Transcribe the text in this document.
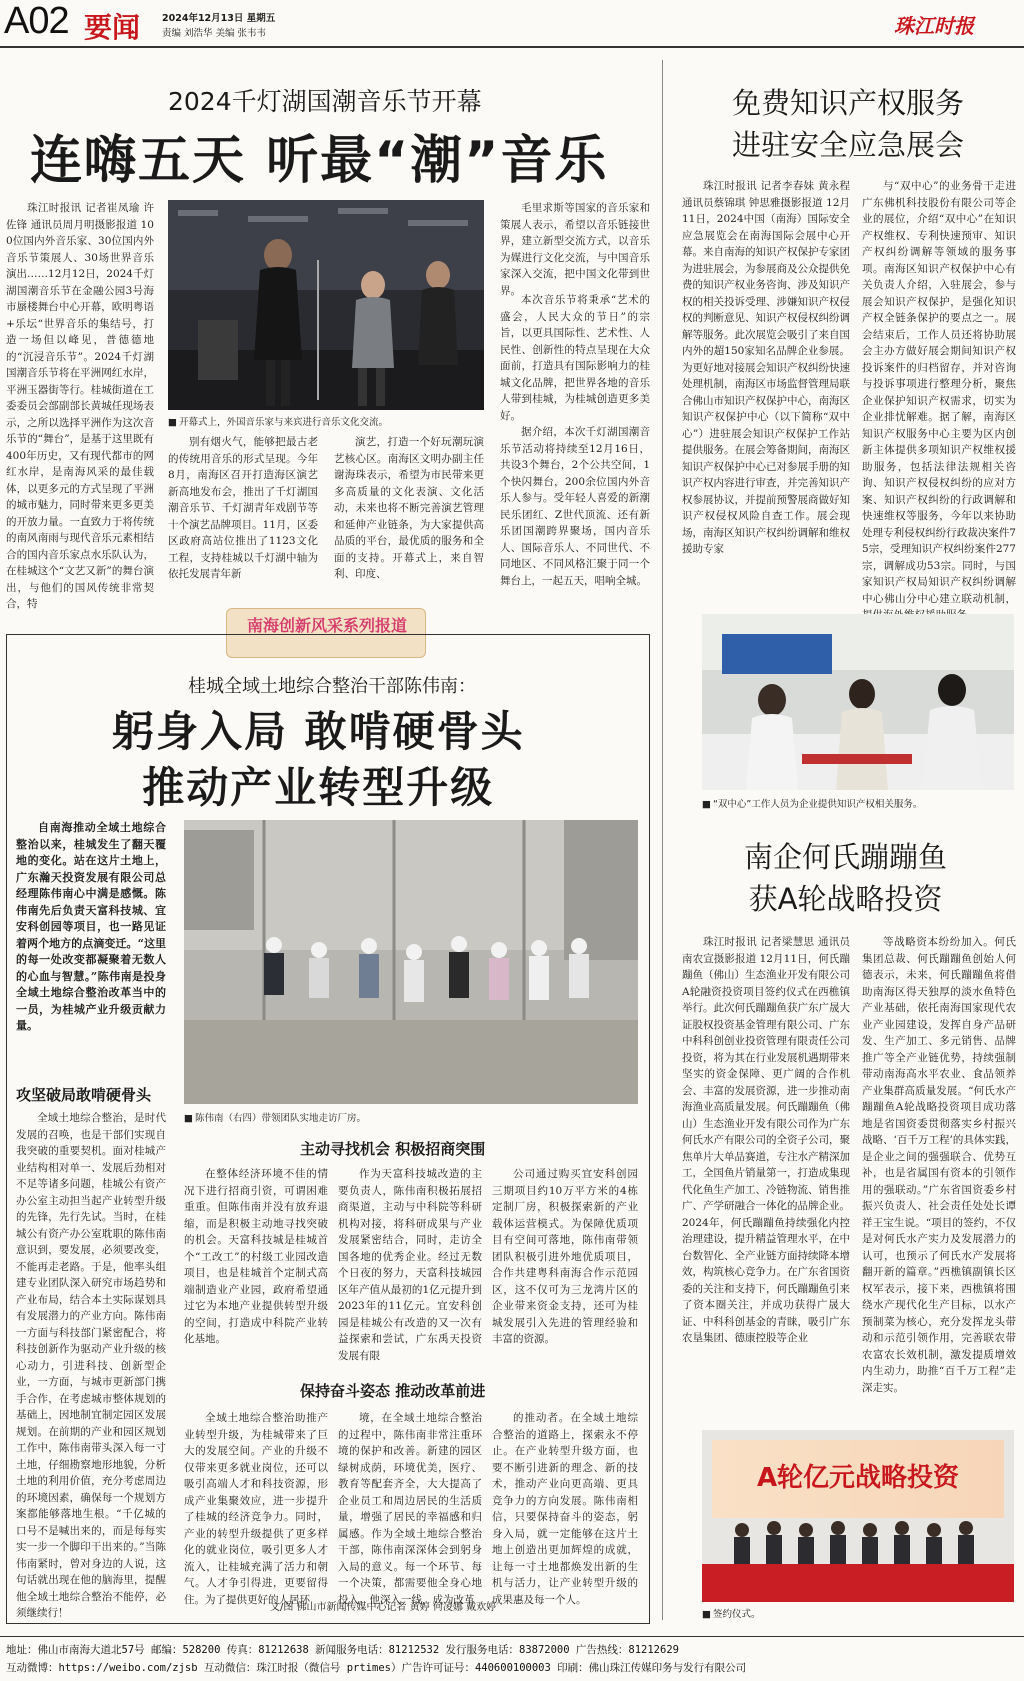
A02 要闻 2024年12月13日 星期五
责编 刘浩华 美编 张韦韦	珠江时报
2024千灯湖国潮音乐节开幕
连嗨五天 听最“潮”音乐
珠江时报讯 记者崔凤瑜 许佐锋 通讯员周月明摄影报道 100位国内外音乐家、30位国内外音乐节策展人、30场世界音乐演出……12月12日，2024千灯湖国潮音乐节在金融公园3号海市蜃楼舞台中心开幕，欧明粤语+乐坛“世界音乐的集结号，打造一场但以峰见，普德德地的“沉浸音乐节”。2024千灯湖国潮音乐节将在平洲网红水岸，平洲玉器街等行。桂城街道在工委委员会部副部长黄城任现场表示，之所以选择平洲作为这次音乐节的“舞台”，是基于这里既有400年历史，又有现代都市的网红水岸，是南海风采的最佳载体，以更多元的方式呈现了平洲的城市魅力，同时带来更多更美的开放力量。一直致力于将传统的南风南雨与现代音乐元素相结合的国内音乐家点水乐队认为，在桂城这个“文艺又新”的舞台演出，与他们的国风传统非常契合，特
■ 开幕式上，外国音乐家与来宾进行音乐文化交流。
别有烟火气，能够把最古老的传统用音乐的形式呈现。今年8月，南海区召开打造海区演艺新高地发布会，推出了千灯湖国潮音乐节、千灯湖青年戏剧节等十个演艺品牌项目。11月，区委区政府高站位推出了1123文化工程，支持桂城以千灯湖中轴为依托发展青年新
演艺，打造一个好玩潮玩演艺核心区。南海区文明办副主任谢海珠表示，希望为市民带来更多高质量的文化表演、文化活动，未来也将不断完善演艺管理和延伸产业链条，为大家提供高品质的平台，最优质的服务和全面的支持。开幕式上，来自智利、印度、
毛里求斯等国家的音乐家和策展人表示，希望以音乐链接世界，建立新型交流方式，以音乐为媒进行文化交流，与中国音乐家深入交流，把中国文化带到世界。
本次音乐节将秉承“艺术的盛会，人民大众的节日”的宗旨，以更具国际性、艺术性、人民性、创新性的特点呈现在大众面前，打造具有国际影响力的桂城文化品牌，把世界各地的音乐人带到桂城，为桂城创造更多美好。
据介绍，本次千灯湖国潮音乐节活动将持续至12月16日，共设3个舞台，2个公共空间，1个快闪舞台，200余位国内外音乐人参与。受年轻人喜爱的新潮民乐团红、Z世代顶流、还有新乐团国潮跨界聚场，国内音乐人、国际音乐人、不同世代、不同地区、不同风格汇聚于同一个舞台上，一起五天，唱响全城。
免费知识产权服务
进驻安全应急展会
珠江时报讯 记者李春妹 黄永程 通讯员蔡锦琪 钟思雅摄影报道 12月11日，2024中国（南海）国际安全应急展览会在南海国际会展中心开幕。来自南海的知识产权保护专家团为进驻展会，为参展商及公众提供免费的知识产权业务咨询、涉及知识产权的相关投诉受理、涉嫌知识产权侵权的判断意见、知识产权侵权纠纷调解等服务。此次展览会吸引了来自国内外的超150家知名品牌企业参展。为更好地对接展会知识产权纠纷快速处理机制，南海区市场监督管理局联合佛山市知识产权保护中心，南海区知识产权保护中心（以下简称“双中心”）进驻展会知识产权保护工作站提供服务。在展会筹备期间，南海区知识产权保护中心已对参展手册的知识产权内容进行审查，并完善知识产权参展协议，并提前预警展商做好知识产权侵权风险自查工作。展会现场，南海区知识产权纠纷调解和维权援助专家
与“双中心”的业务骨干走进广东佛机科技股份有限公司等企业的展位，介绍“双中心”在知识产权维权、专利快速预审、知识产权纠纷调解等领域的服务事项。南海区知识产权保护中心有关负责人介绍，入驻展会，参与展会知识产权保护，是强化知识产权全链条保护的要点之一。展会结束后，工作人员还将协助展会主办方做好展会期间知识产权投诉案件的归档留存，并对咨询与投诉事项进行整理分析，聚焦企业保护知识产权需求，切实为企业排忧解难。据了解，南海区知识产权服务中心主要为区内创新主体提供多项知识产权维权援助服务，包括法律法规相关咨询、知识产权侵权纠纷的应对方案、知识产权纠纷的行政调解和快速维权等服务，今年以来协助处理专利侵权纠纷行政裁决案件75宗，受理知识产权纠纷案件277宗，调解成功53宗。同时，与国家知识产权局知识产权纠纷调解中心佛山分中心建立联动机制，
■ “双中心”工作人员为企业提供知识产权相关服务。
南海创新风采系列报道
桂城全域土地综合整治干部陈伟南：
躬身入局 敢啃硬骨头
推动产业转型升级
自南海推动全域土地综合整治以来，桂城发生了翻天覆地的变化。站在这片土地上，广东瀚天投资发展有限公司总经理陈伟南心中满是感慨。陈伟南先后负责天富科技城、宜安科创园等项目，也一路见证着两个地方的点滴变迁。“这里的每一处改变都凝聚着无数人的心血与智慧。”陈伟南是投身全域土地综合整治改革当中的一员，为桂城产业升级贡献力量。
■ 陈伟南（右四）带领团队实地走访厂房。
攻坚破局敢啃硬骨头
全域土地综合整治，是时代发展的召唤，也是干部们实现自我突破的重要契机。面对桂城产业结构相对单一、发展后劲相对不足等诸多问题，桂城公有资产办公室主动担当起产业转型升级的先锋，先行先试。当时，在桂城公有资产办公室耽职的陈伟南意识到，要发展，必须要改变，不能再走老路。于是，他率头组建专业团队深入研究市场趋势和产业布局，结合本土实际谋划具有发展潜力的产业方向。陈伟南一方面与科技部门紧密配合，将科技创新作为驱动产业升级的核心动力，引进科技、创新型企业，一方面，与城市更新部门携手合作，在考虑城市整体规划的基础上，因地制宜制定园区发展规划。在前期的产业和园区规划工作中，陈伟南带头深入每一寸土地，仔细勘察地形地貌，分析土地的利用价值，充分考虑周边的环境因素，确保每一个规划方案都能够落地生根。“千亿城的口号不是喊出来的，而是每每实实一步一个脚印干出来的。”当陈伟南紧时，曾对身边的人说，这句话就出现在他的脑海里，提醒他全域土地综合整治不能停，必须继续行！
主动寻找机会 积极招商突围
在整体经济环境不佳的情况下进行招商引资，可谓困难重重。但陈伟南并没有放弃退缩，而是积极主动地寻找突破的机会。天富科技城是桂城首个“工改工”的村级工业园改造项目，也是桂城首个定制式高端制造业产业园，政府希望通过它为本地产业提供转型升级的空间，打造成中科院产业转化基地。
作为天富科技城改造的主要负责人，陈伟南积极拓展招商渠道，主动与中科院等科研机构对接，将科研成果与产业发展紧密结合，同时，走访全国各地的优秀企业。经过无数个日夜的努力，天富科技城园区年产值从最初的1亿元提升到2023年的11亿元。宜安科创园是桂城公有改造的又一次有益探索和尝试，广东禹天投资发展有限
公司通过购买宜安科创园三期项目约10万平方米的4栋定制厂房，积极探索新的产业载体运营模式。为保障优质项目有空间可落地，陈伟南带领团队积极引进外地优质项目，合作共建粤科南海合作示范园区，这不仅可为三龙湾片区的企业带来资金支持，还可为桂城发展引入先进的管理经验和丰富的资源。
保持奋斗姿态 推动改革前进
全域土地综合整治助推产业转型升级，为桂城带来了巨大的发展空间。产业的升级不仅带来更多就业岗位，还可以吸引高端人才和科技资源，形成产业集聚效应，进一步提升了桂城的经济竞争力。同时，产业的转型升级提供了更多样化的就业岗位，吸引更多人才流入，让桂城充满了活力和朝气。人才争引得进，更要留得住。为了提供更好的人居环
境，在全域土地综合整治的过程中，陈伟南非常注重环境的保护和改善。新建的园区绿树成荫，环境优美，医疗、教育等配套齐全，大大提高了企业员工和周边居民的生活质量，增强了居民的幸福感和归属感。作为全域土地综合整治干部，陈伟南深深体会到躬身入局的意义。每一个环节、每一个决策，都需要他全身心地投入。他深入一线，成为改革
的推动者。在全域土地综合整治的道路上，探索永不停止。在产业转型升级方面，也要不断引进新的理念、新的技术，推动产业向更高端、更具竞争力的方向发展。陈伟南相信，只要保持奋斗的姿态，躬身入局，就一定能够在这片土地上创造出更加辉煌的成就，让每一寸土地都焕发出新的生机与活力，让产业转型升级的成果惠及每一个人。
文/图 佛山市新闻传媒中心记者 黄婷 何凌娜 戴欢婷
南企何氏蹦蹦鱼
获A轮战略投资
珠江时报讯 记者梁慧思 通讯员南农宣摄影报道 12月11日，何氏蹦蹦鱼（佛山）生态渔业开发有限公司A轮融资投资项目签约仪式在西樵镇举行。此次何氏蹦蹦鱼获广东广晟大证股权投资基金管理有限公司、广东中科科创创业投资管理有限责任公司投资，将为其在行业发展机遇期带来坚实的资金保障、更广阔的合作机会、丰富的发展资源，进一步推动南海渔业高质量发展。何氏蹦蹦鱼（佛山）生态渔业开发有限公司作为广东何氏水产有限公司的全资子公司，聚焦单片大单品赛道，专注水产精深加工，全国鱼片销量第一，打造成集现代化鱼生产加工、冷链物流、销售推广、产学研融合一体化的品牌企业。2024年，何氏蹦蹦鱼持续强化内控治理建设，提升精益管理水平，在中台数智化、全产业链方面持续降本增效，构筑核心竞争力。在广东省国资委的关注和支持下，何氏蹦蹦鱼引来了资本圈关注，并成功获得广晟大证、中科科创基金的青睐，吸引广东农垦集团、德康控股等企业
等战略资本纷纷加入。何氏集团总裁、何氏蹦蹦鱼创始人何德表示，未来，何氏蹦蹦鱼将借助南海区得天独厚的淡水鱼特色产业基础，依托南海国家现代农业产业园建设，发挥自身产品研发、生产加工、多元销售、品牌推广等全产业链优势，持续强制带动南海高水平农业、食品领养产业集群高质量发展。“何氏水产蹦蹦鱼A轮战略投资项目成功落地是省国资委贯彻落实乡村振兴战略、‘百千万工程’的具体实践，是企业之间的强强联合、优势互补，也是省属国有资本的引领作用的强联动。”广东省国资委乡村振兴负责人、社会责任处处长谭祥王宝生说。“项目的签约，不仅是对何氏水产实力及发展潜力的认可，也预示了何氏水产发展将翻开新的篇章。”西樵镇副镇长区权军表示，接下来，西樵镇将围绕水产现代化生产目标，以水产预制菜为核心，充分发挥龙头带动和示范引领作用，完善联农带农富农长效机制，激发提质增效内生动力，助推“百千万工程”走深走实。
A轮亿元战略投资
■ 签约仪式。
地址：佛山市南海大道北57号 邮编：528200 传真：81212638 新闻服务电话：81212532 发行服务电话：83872000 广告热线：81212629
互动微博：https://weibo.com/zjsb 互动微信：珠江时报（微信号 prtimes）广告许可证号：440600100003 印刷：佛山珠江传媒印务与发行有限公司
